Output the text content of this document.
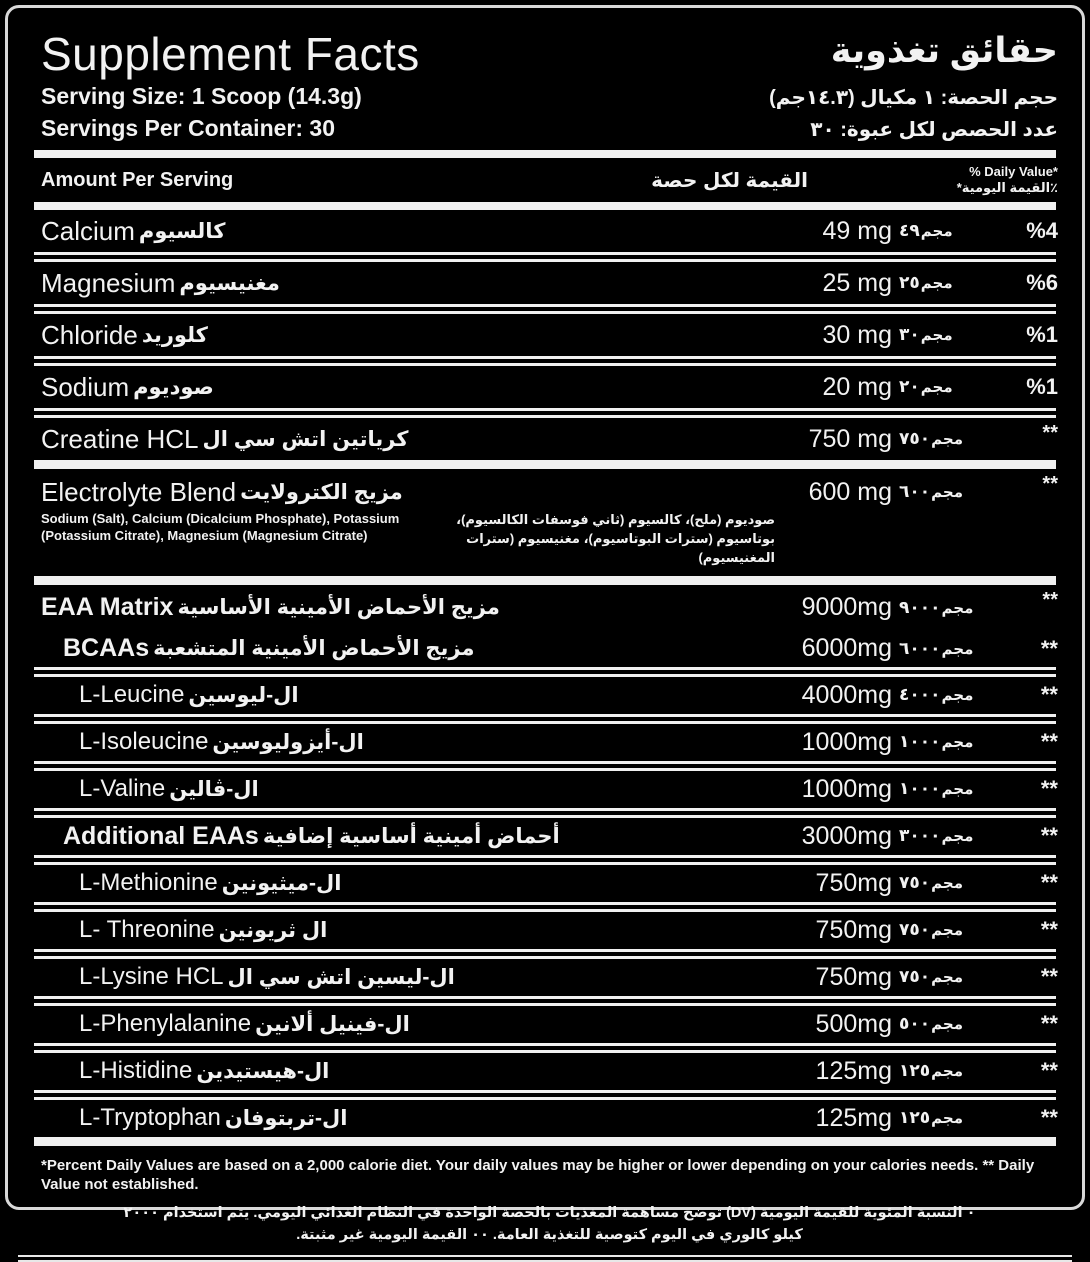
Supplement Facts	حقائق تغذوية
Serving Size: 1 Scoop (14.3g)	حجم الحصة: ١ مكيال (١٤.٣جم)
Servings Per Container: 30	عدد الحصص لكل عبوة: ٣٠
Amount Per Serving	القيمة لكل حصة	% Daily Value*
٪القيمة اليومية*
Calcium كالسيوم	49 mg ٤٩ مجم	%4
Magnesium مغنيسيوم	25 mg ٢٥ مجم	%6
Chloride كلوريد	30 mg ٣٠ مجم	%1
Sodium صوديوم	20 mg ٢٠ مجم	%1
Creatine HCL كرياتين اتش سي ال	750 mg ٧٥٠ مجم	**
Electrolyte Blend مزيج الكترولايت	600 mg ٦٠٠ مجم	**
Sodium (Salt), Calcium (Dicalcium Phosphate), Potassium (Potassium Citrate), Magnesium (Magnesium Citrate)
صوديوم (ملح)، كالسيوم (ثاني فوسفات الكالسيوم)، بوتاسيوم (سترات البوتاسيوم)، مغنيسيوم (سترات المغنيسيوم)
EAA Matrix مزيج الأحماض الأمينية الأساسية	9000mg ٩٠٠٠ مجم	**
BCAAs مزيج الأحماض الأمينية المتشعبة	6000mg ٦٠٠٠ مجم	**
L-Leucine ال-ليوسين	4000mg ٤٠٠٠ مجم	**
L-Isoleucine ال-أيزوليوسين	1000mg ١٠٠٠ مجم	**
L-Valine ال-ڤالين	1000mg ١٠٠٠ مجم	**
Additional EAAs أحماض أمينية أساسية إضافية	3000mg ٣٠٠٠ مجم	**
L-Methionine ال-ميثيونين	750mg ٧٥٠ مجم	**
L- Threonine ال ثريونين	750mg ٧٥٠ مجم	**
L-Lysine HCL ال-ليسين اتش سي ال	750mg ٧٥٠ مجم	**
L-Phenylalanine ال-فينيل ألانين	500mg ٥٠٠ مجم	**
L-Histidine ال-هيستيدين	125mg ١٢٥ مجم	**
L-Tryptophan ال-تربتوفان	125mg ١٢٥ مجم	**
*Percent Daily Values are based on a 2,000 calorie diet. Your daily values may be higher or lower depending on your calories needs. ** Daily Value not established.
٠ النسبة المئوية للقيمة اليومية (DV) توضح مساهمة المغذيات بالحصة الواحدة في النظام الغذائي اليومي. يتم استخدام ٢٠٠٠
كيلو كالوري في اليوم كتوصية للتغذية العامة. ٠٠ القيمة اليومية غير مثبتة.
